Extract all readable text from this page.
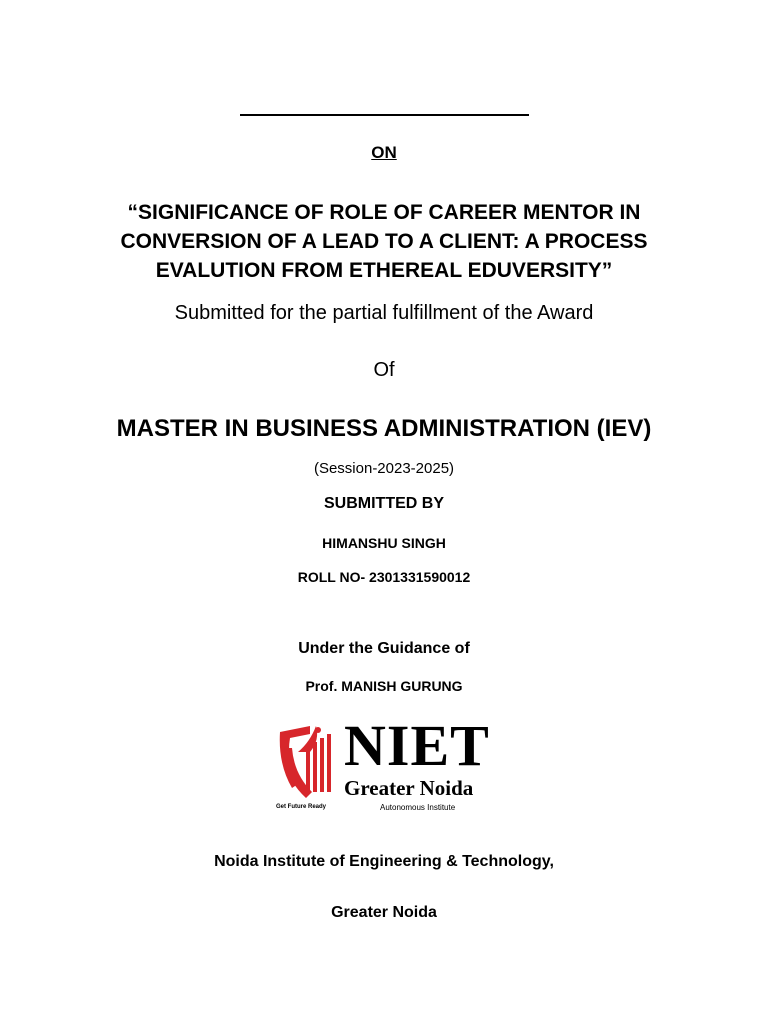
ON
“SIGNIFICANCE OF ROLE OF CAREER MENTOR IN
CONVERSION OF A LEAD TO A CLIENT: A PROCESS
EVALUTION FROM ETHEREAL EDUVERSITY”
Submitted for the partial fulfillment of the Award
Of
MASTER IN BUSINESS ADMINISTRATION (IEV)
(Session-2023-2025)
SUBMITTED BY
HIMANSHU SINGH
ROLL NO- 2301331590012
Under the Guidance of
Prof. MANISH GURUNG
NIET
Greater Noida
Get Future Ready	Autonomous Institute
Noida Institute of Engineering & Technology,
Greater Noida
